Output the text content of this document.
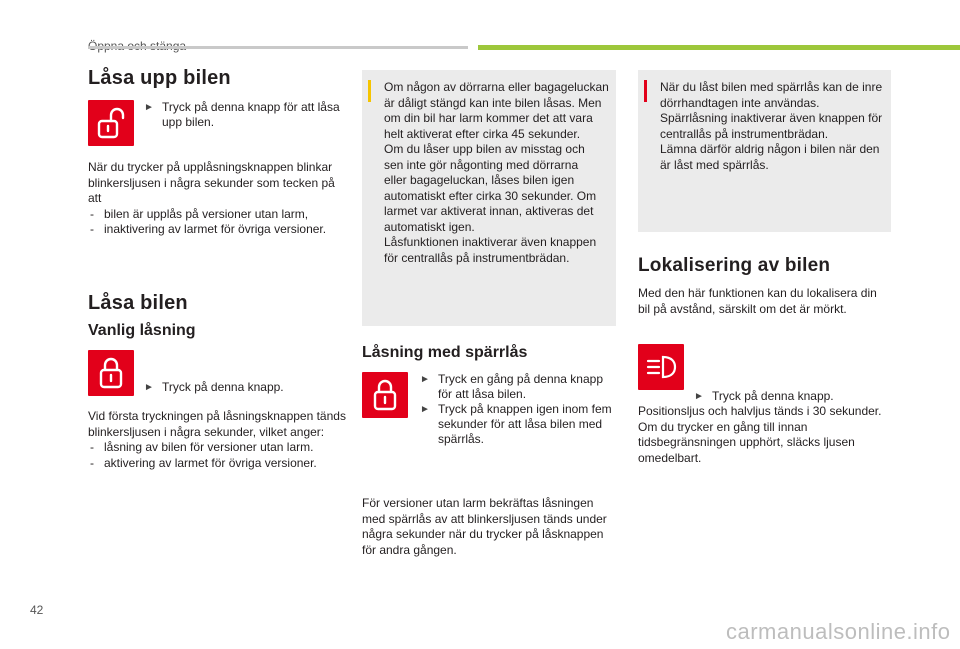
Låsa upp bilen
► Tryck på denna knapp för att låsa upp bilen.
När du trycker på upplåsningsknappen blinkar blinkersljusen i några sekunder som tecken på att
- bilen är upplås på versioner utan larm,
- inaktivering av larmet för övriga versioner.
Låsa bilen
Vanlig låsning
► Tryck på denna knapp.
Vid första tryckningen på låsningsknappen tänds blinkersljusen i några sekunder, vilket anger:
- låsning av bilen för versioner utan larm.
- aktivering av larmet för övriga versioner.
Om någon av dörrarna eller bagageluckan
är dåligt stängd kan inte bilen låsas. Men
om din bil har larm kommer det att vara
helt aktiverat efter cirka 45 sekunder.
Om du låser upp bilen av misstag och
sen inte gör någonting med dörrarna
eller bagageluckan, låses bilen igen
automatiskt efter cirka 30 sekunder. Om
larmet var aktiverat innan, aktiveras det
automatiskt igen.
Låsfunktionen inaktiverar även knappen
för centrallås på instrumentbrädan.
Låsning med spärrlås
► Tryck en gång på denna knapp för att låsa bilen.
► Tryck på knappen igen inom fem sekunder för att låsa bilen med spärrlås.
För versioner utan larm bekräftas låsningen med spärrlås av att blinkersljusen tänds under några sekunder när du trycker på låsknappen för andra gången.
När du låst bilen med spärrlås kan de inre
dörrhandtagen inte användas.
Spärrlåsning inaktiverar även knappen för
centrallås på instrumentbrädan.
Lämna därför aldrig någon i bilen när den
är låst med spärrlås.
Lokalisering av bilen
Med den här funktionen kan du lokalisera din bil på avstånd, särskilt om det är mörkt.
► Tryck på denna knapp.
Positionsljus och halvljus tänds i 30 sekunder. Om du trycker en gång till innan tidsbegränsningen upphört, släcks ljusen omedelbart.
42
carmanualsonline.info
